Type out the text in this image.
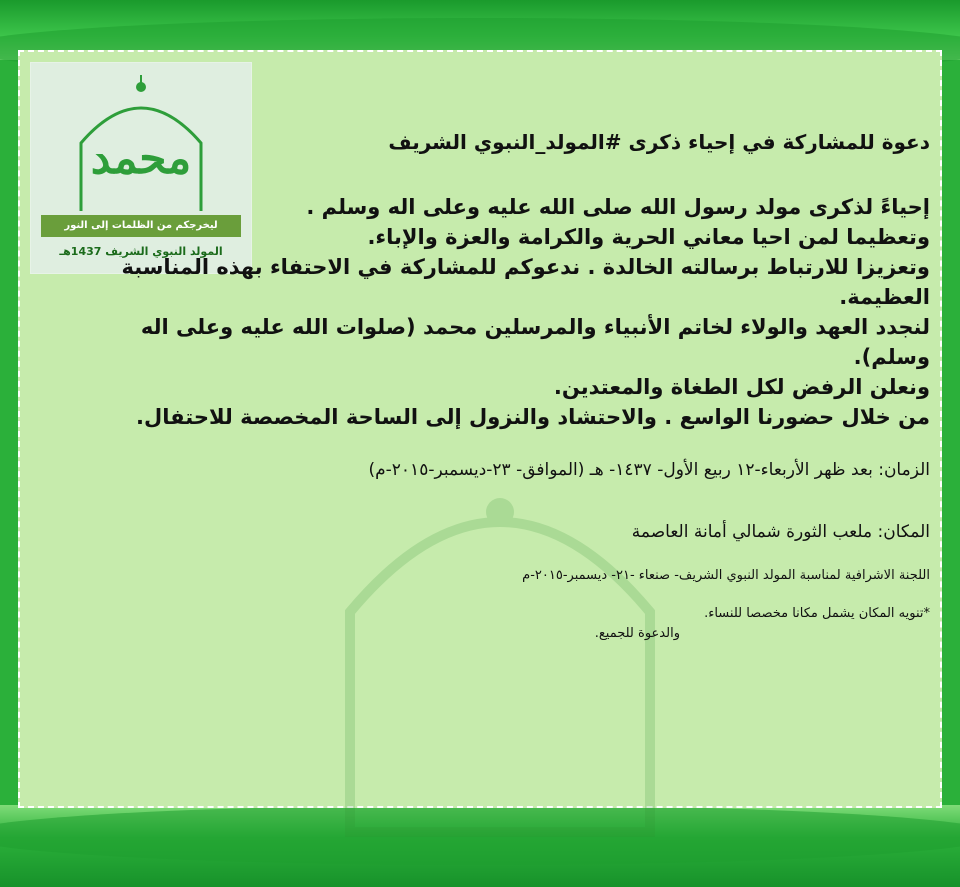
محمد
ليخرجكم من الظلمات إلى النور
المولد النبوي الشريف 1437هـ

دعوة للمشاركة في إحياء ذكرى #المولد_النبوي الشريف

إحياءً لذكرى مولد رسول الله صلى الله عليه وعلى اله وسلم .

وتعظيما لمن احيا معاني الحرية والكرامة والعزة والإباء.

وتعزيزا للارتباط برسالته الخالدة . ندعوكم للمشاركة في الاحتفاء بهذه المناسبة العظيمة.

لنجدد العهد والولاء لخاتم الأنبياء والمرسلين محمد (صلوات الله عليه وعلى اله وسلم).

ونعلن الرفض لكل الطغاة والمعتدين.

من خلال حضورنا الواسع . والاحتشاد والنزول إلى الساحة المخصصة للاحتفال.

الزمان: بعد ظهر الأربعاء-١٢ ربيع الأول- ١٤٣٧- هـ (الموافق- ٢٣-ديسمبر-٢٠١٥-م)

المكان: ملعب الثورة شمالي أمانة العاصمة

اللجنة الاشرافية لمناسبة المولد النبوي الشريف- صنعاء -٢١- ديسمبر-٢٠١٥-م

*تنويه المكان يشمل مكانا مخصصا للنساء.

والدعوة للجميع.
